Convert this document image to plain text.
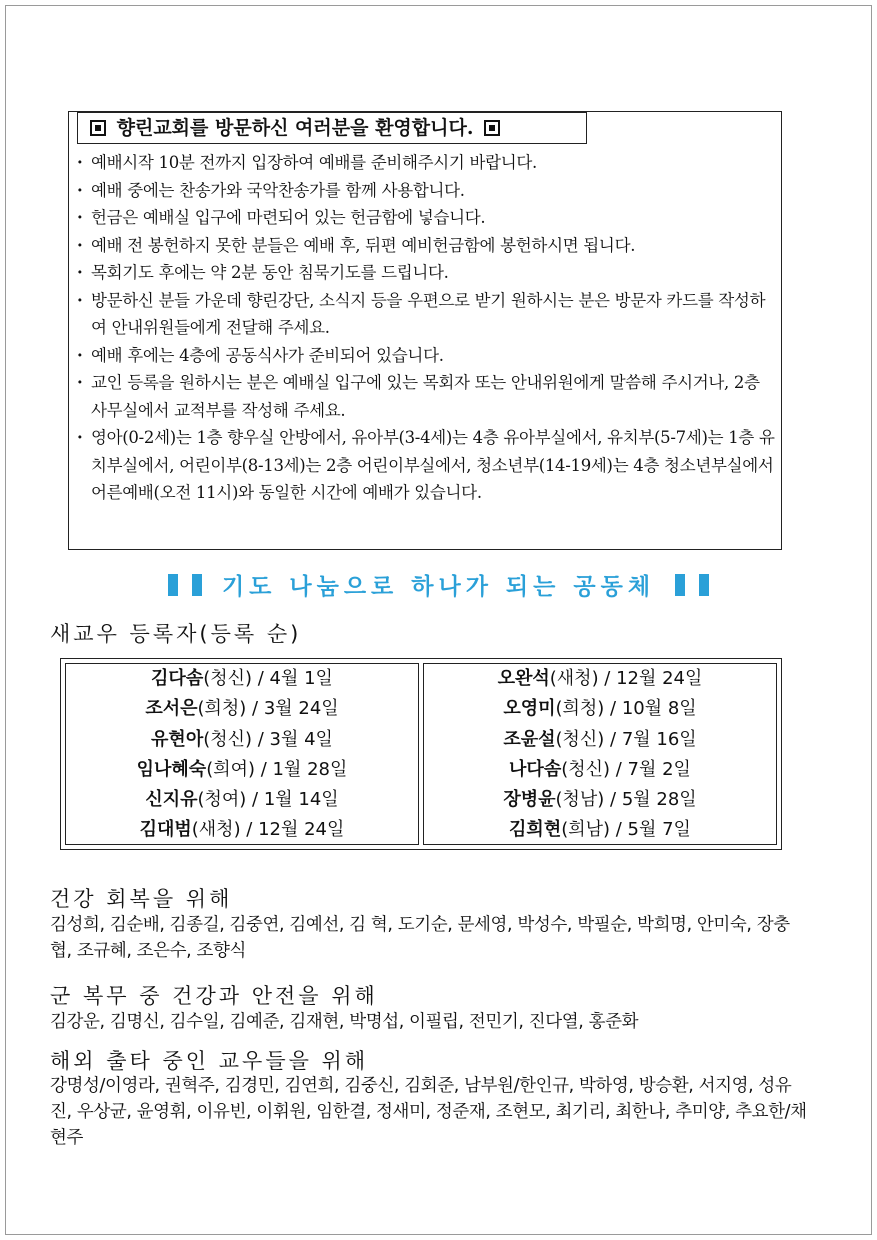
향린교회를 방문하신 여러분을 환영합니다.
· 예배시작 10분 전까지 입장하여 예배를 준비해주시기 바랍니다.
· 예배 중에는 찬송가와 국악찬송가를 함께 사용합니다.
· 헌금은 예배실 입구에 마련되어 있는 헌금함에 넣습니다.
· 예배 전 봉헌하지 못한 분들은 예배 후, 뒤편 예비헌금함에 봉헌하시면 됩니다.
· 목회기도 후에는 약 2분 동안 침묵기도를 드립니다.
· 방문하신 분들 가운데 향린강단, 소식지 등을 우편으로 받기 원하시는 분은 방문자 카드를 작성하여 안내위원들에게 전달해 주세요.
· 예배 후에는 4층에 공동식사가 준비되어 있습니다.
· 교인 등록을 원하시는 분은 예배실 입구에 있는 목회자 또는 안내위원에게 말씀해 주시거나, 2층 사무실에서 교적부를 작성해 주세요.
· 영아(0-2세)는 1층 향우실 안방에서, 유아부(3-4세)는 4층 유아부실에서, 유치부(5-7세)는 1층 유치부실에서, 어린이부(8-13세)는 2층 어린이부실에서, 청소년부(14-19세)는 4층 청소년부실에서 어른예배(오전 11시)와 동일한 시간에 예배가 있습니다.
기도 나눔으로 하나가 되는 공동체
새교우 등록자(등록 순)
김다솜(청신) / 4월 1일
조서은(희청) / 3월 24일
유현아(청신) / 3월 4일
임나혜숙(희여) / 1월 28일
신지유(청여) / 1월 14일
김대범(새청) / 12월 24일
오완석(새청) / 12월 24일
오영미(희청) / 10월 8일
조윤설(청신) / 7월 16일
나다솜(청신) / 7월 2일
장병윤(청남) / 5월 28일
김희현(희남) / 5월 7일
건강 회복을 위해
김성희, 김순배, 김종길, 김중연, 김예선, 김 혁, 도기순, 문세영, 박성수, 박필순, 박희명, 안미숙, 장충협, 조규혜, 조은수, 조향식
군 복무 중 건강과 안전을 위해
김강운, 김명신, 김수일, 김예준, 김재현, 박명섭, 이필립, 전민기, 진다열, 홍준화
해외 출타 중인 교우들을 위해
강명성/이영라, 권혁주, 김경민, 김연희, 김중신, 김회준, 남부원/한인규, 박하영, 방승환, 서지영, 성유진, 우상균, 윤영휘, 이유빈, 이휘원, 임한결, 정새미, 정준재, 조현모, 최기리, 최한나, 추미양, 추요한/채현주
